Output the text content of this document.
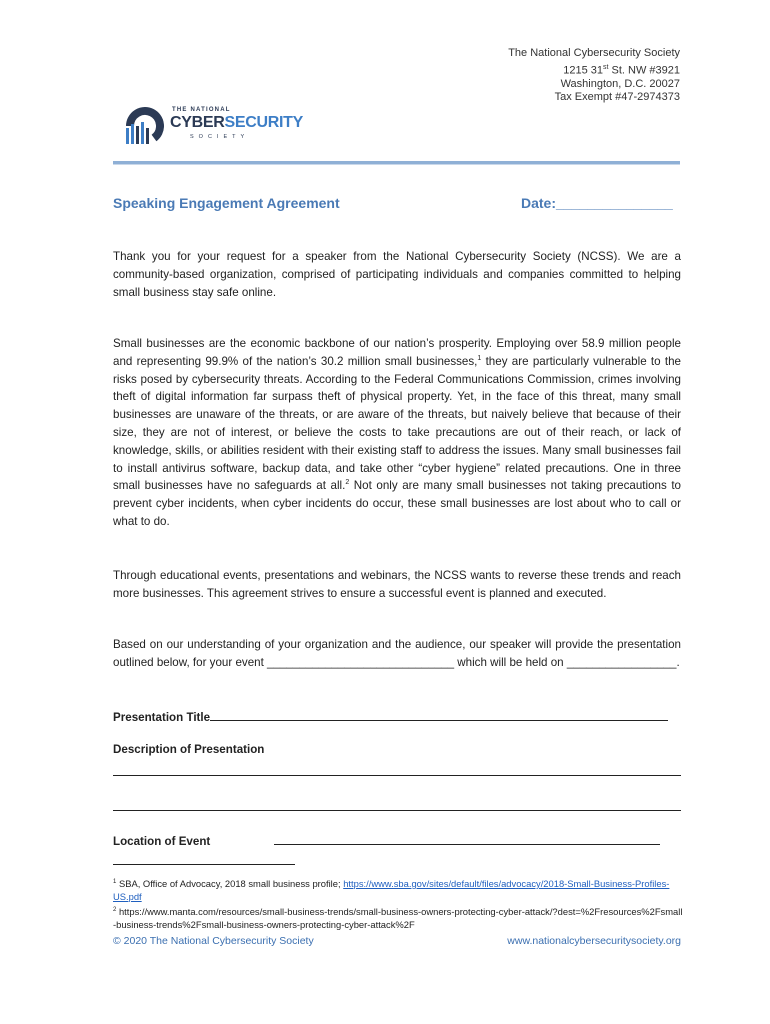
The National Cybersecurity Society
1215 31st St. NW #3921
Washington, D.C. 20027
Tax Exempt #47-2974373
THE NATIONAL
CYBERSECURITY
SOCIETY
Speaking Engagement Agreement	Date:_______________
Thank you for your request for a speaker from the National Cybersecurity Society (NCSS). We are a community-based organization, comprised of participating individuals and companies committed to helping small business stay safe online.
Small businesses are the economic backbone of our nation’s prosperity. Employing over 58.9 million people and representing 99.9% of the nation’s 30.2 million small businesses,$^1$ they are particularly vulnerable to the risks posed by cybersecurity threats. According to the Federal Communications Commission, crimes involving theft of digital information far surpass theft of physical property. Yet, in the face of this threat, many small businesses are unaware of the threats, or are aware of the threats, but naively believe that because of their size, they are not of interest, or believe the costs to take precautions are out of their reach, or lack of knowledge, skills, or abilities resident with their existing staff to address the issues. Many small businesses fail to install antivirus software, backup data, and take other “cyber hygiene” related precautions. One in three small businesses have no safeguards at all.$^2$ Not only are many small businesses not taking precautions to prevent cyber incidents, when cyber incidents do occur, these small businesses are lost about who to call or what to do.
Through educational events, presentations and webinars, the NCSS wants to reverse these trends and reach more businesses. This agreement strives to ensure a successful event is planned and executed.
Based on our understanding of your organization and the audience, our speaker will provide the presentation outlined below, for your event _____________________________ which will be held on _________________.
Presentation Title
Description of Presentation
Location of Event
$^1$ SBA, Office of Advocacy, 2018 small business profile; https://www.sba.gov/sites/default/files/advocacy/2018-Small-Business-Profiles-US.pdf
$^2$ https://www.manta.com/resources/small-business-trends/small-business-owners-protecting-cyber-attack/?dest=%2Fresources%2Fsmall-business-trends%2Fsmall-business-owners-protecting-cyber-attack%2F
© 2020 The National Cybersecurity Society	www.nationalcybersecuritysociety.org
